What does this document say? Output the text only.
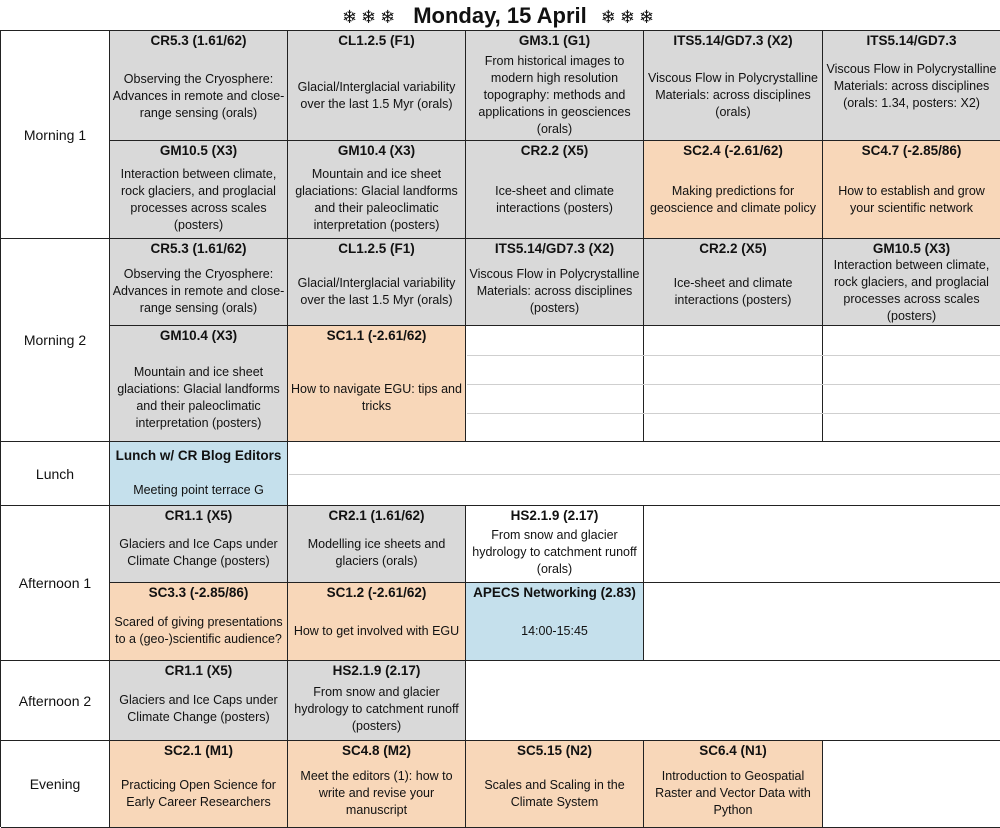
❄❄❄ Monday, 15 April ❄❄❄
Morning 1
Morning 2
Lunch
Afternoon 1
Afternoon 2
Evening
CR5.3 (1.61/62)
Observing the Cryosphere: Advances in remote and close-range sensing (orals)
CL1.2.5 (F1)
Glacial/Interglacial variability over the last 1.5 Myr (orals)
GM3.1 (G1)
From historical images to modern high resolution topography: methods and applications in geosciences (orals)
ITS5.14/GD7.3 (X2)
Viscous Flow in Polycrystalline Materials: across disciplines (orals)
ITS5.14/GD7.3
Viscous Flow in Polycrystalline Materials: across disciplines (orals: 1.34, posters: X2)
GM10.5 (X3)
Interaction between climate, rock glaciers, and proglacial processes across scales (posters)
GM10.4 (X3)
Mountain and ice sheet glaciations: Glacial landforms and their paleoclimatic interpretation (posters)
CR2.2 (X5)
Ice-sheet and climate interactions (posters)
SC2.4 (-2.61/62)
Making predictions for geoscience and climate policy
SC4.7 (-2.85/86)
How to establish and grow your scientific network
CR5.3 (1.61/62)
Observing the Cryosphere: Advances in remote and close-range sensing (orals)
CL1.2.5 (F1)
Glacial/Interglacial variability over the last 1.5 Myr (orals)
ITS5.14/GD7.3 (X2)
Viscous Flow in Polycrystalline Materials: across disciplines (posters)
CR2.2 (X5)
Ice-sheet and climate interactions (posters)
GM10.5 (X3)
Interaction between climate, rock glaciers, and proglacial processes across scales (posters)
GM10.4 (X3)
Mountain and ice sheet glaciations: Glacial landforms and their paleoclimatic interpretation (posters)
SC1.1 (-2.61/62)
How to navigate EGU: tips and tricks
Lunch w/ CR Blog Editors
Meeting point terrace G
CR1.1 (X5)
Glaciers and Ice Caps under Climate Change (posters)
CR2.1 (1.61/62)
Modelling ice sheets and glaciers (orals)
HS2.1.9 (2.17)
From snow and glacier hydrology to catchment runoff (orals)
SC3.3 (-2.85/86)
Scared of giving presentations to a (geo-)scientific audience?
SC1.2 (-2.61/62)
How to get involved with EGU
APECS Networking (2.83)
14:00-15:45
CR1.1 (X5)
Glaciers and Ice Caps under Climate Change (posters)
HS2.1.9 (2.17)
From snow and glacier hydrology to catchment runoff (posters)
SC2.1 (M1)
Practicing Open Science for Early Career Researchers
SC4.8 (M2)
Meet the editors (1): how to write and revise your manuscript
SC5.15 (N2)
Scales and Scaling in the Climate System
SC6.4 (N1)
Introduction to Geospatial Raster and Vector Data with Python
